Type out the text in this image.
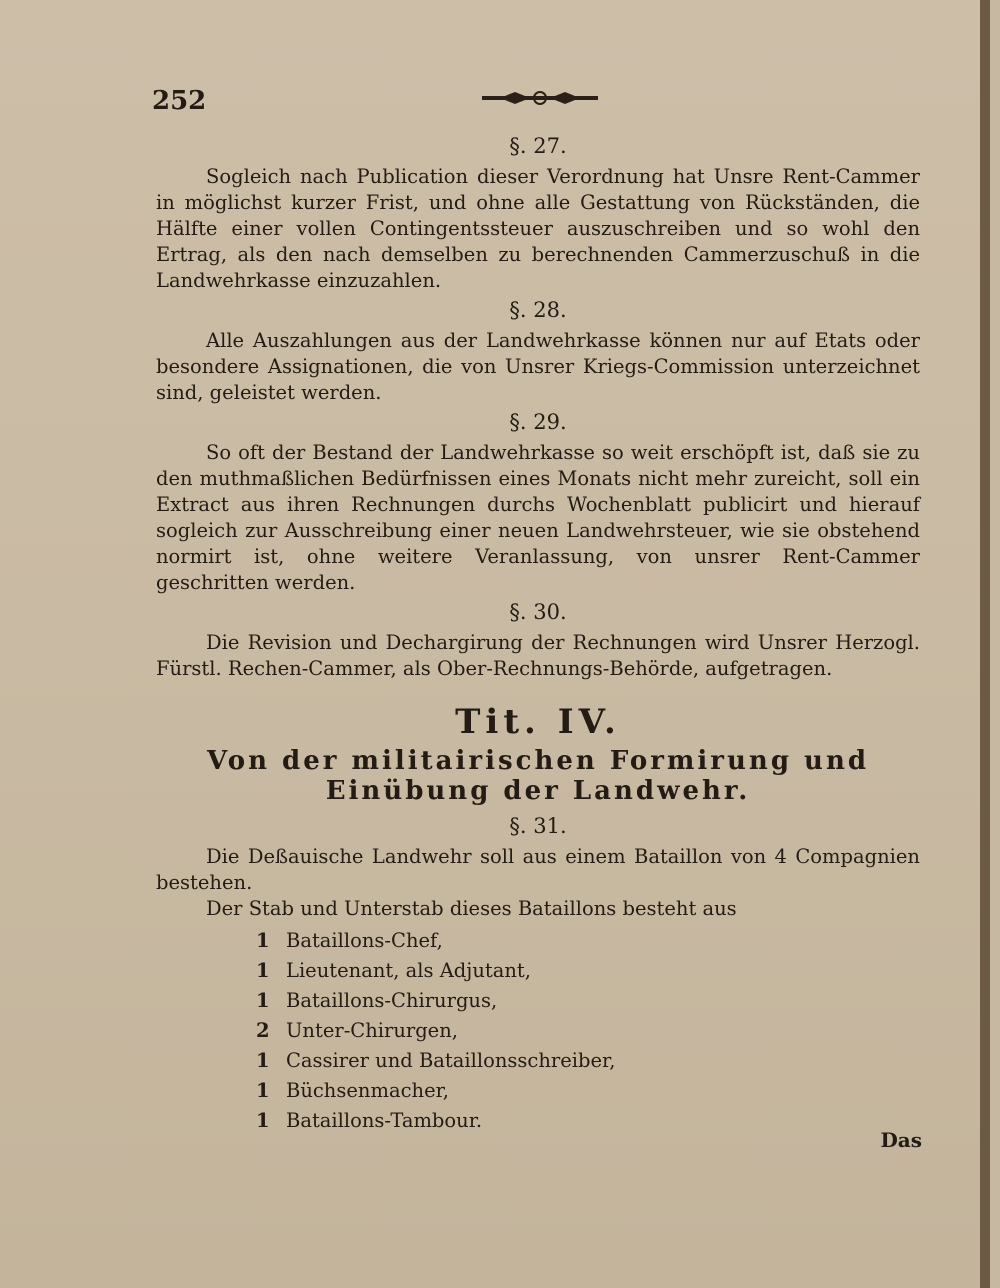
252
§. 27.

Sogleich nach Publication dieser Verordnung hat Unsre Rent-Cammer in möglichst kurzer Frist, und ohne alle Gestattung von Rückständen, die Hälfte einer vollen Contingentssteuer auszuschreiben und so wohl den Ertrag, als den nach demselben zu berechnenden Cammerzuschuß in die Landwehrkasse einzuzahlen.

§. 28.

Alle Auszahlungen aus der Landwehrkasse können nur auf Etats oder besondere Assignationen, die von Unsrer Kriegs-Commission unterzeichnet sind, geleistet werden.

§. 29.

So oft der Bestand der Landwehrkasse so weit erschöpft ist, daß sie zu den muthmaßlichen Bedürfnissen eines Monats nicht mehr zureicht, soll ein Extract aus ihren Rechnungen durchs Wochenblatt publicirt und hierauf sogleich zur Ausschreibung einer neuen Landwehrsteuer, wie sie obstehend normirt ist, ohne weitere Veranlassung, von unsrer Rent-Cammer geschritten werden.

§. 30.

Die Revision und Dechargirung der Rechnungen wird Unsrer Herzogl. Fürstl. Rechen-Cammer, als Ober-Rechnungs-Behörde, aufgetragen.

Tit. IV.
Von der militairischen Formirung und Einübung der Landwehr.
§. 31.

Die Deßauische Landwehr soll aus einem Bataillon von 4 Compagnien bestehen.

Der Stab und Unterstab dieses Bataillons besteht aus

1 Bataillons-Chef,
1 Lieutenant, als Adjutant,
1 Bataillons-Chirurgus,
2 Unter-Chirurgen,
1 Cassirer und Bataillonsschreiber,
1 Büchsenmacher,
1 Bataillons-Tambour.
Das
